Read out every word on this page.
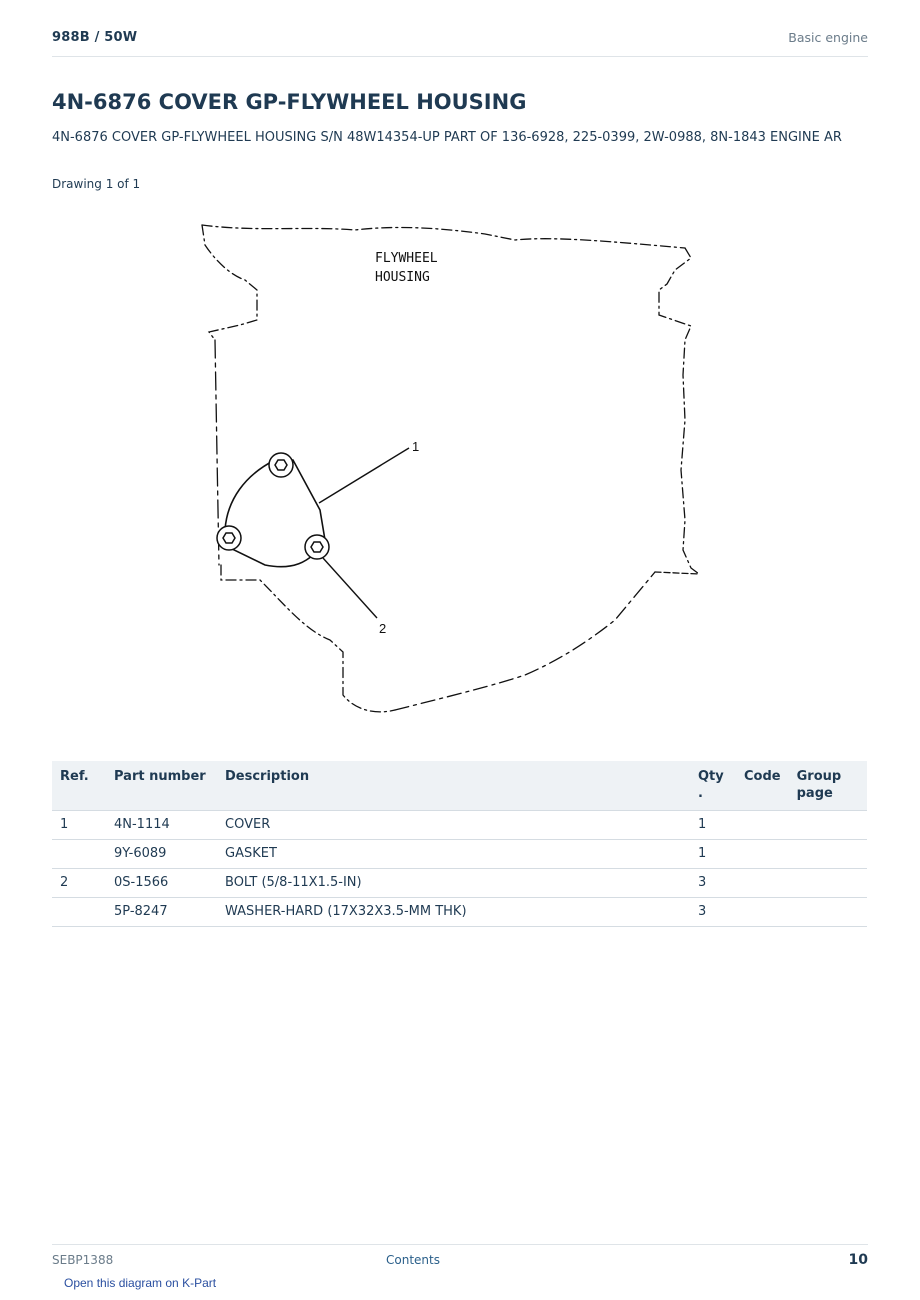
988B / 50W	Basic engine
4N-6876 COVER GP-FLYWHEEL HOUSING
4N-6876 COVER GP-FLYWHEEL HOUSING S/N 48W14354-UP PART OF 136-6928, 225-0399, 2W-0988, 8N-1843 ENGINE AR
Drawing 1 of 1
FLYWHEEL
HOUSING
1
2
Ref.	Part number	Description	Qty .	Code	Group page
1	4N-1114	COVER	1		
	9Y-6089	GASKET	1		
2	0S-1566	BOLT (5/8-11X1.5-IN)	3		
	5P-8247	WASHER-HARD (17X32X3.5-MM THK)	3		
SEBP1388	Contents	10
Open this diagram on K-Part
